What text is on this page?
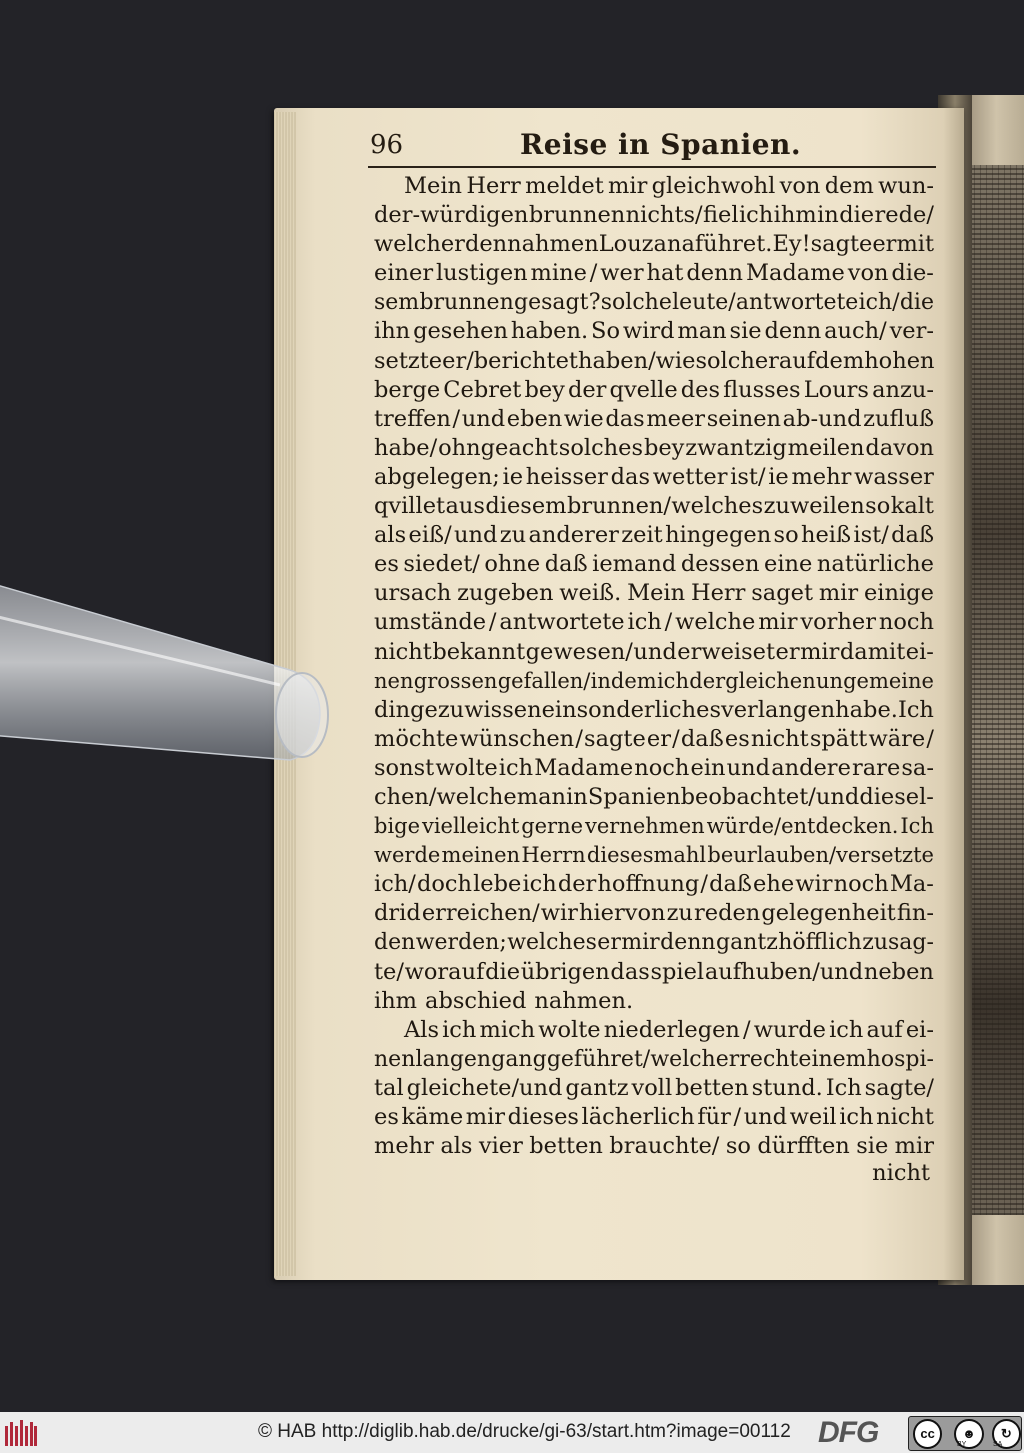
96	Reise in Spanien.
Mein Herr meldet mir gleichwohl von dem wun-
der-würdigen brunnen nichts/ fiel ich ihm in die rede/
welcher den nahmen Louzana führet. Ey! sagte er mit
einer lustigen mine / wer hat denn Madame von die-
sem brunnen gesagt ? solche leute/ antwortete ich/ die
ihn gesehen haben. So wird man sie denn auch/ ver-
setzte er/ berichtet haben/ wie solcher auf dem hohen
berge Cebret bey der qvelle des flusses Lours anzu-
treffen / und eben wie das meer seinen ab-und zufluß
habe/ ohngeacht solches bey zwantzig meilen davon
abgelegen; ie heisser das wetter ist/ ie mehr wasser
qvillet aus diesem brunnen/ welches zuweilen so kalt
als eiß/ und zu anderer zeit hingegen so heiß ist/ daß
es siedet/ ohne daß iemand dessen eine natürliche
ursach zugeben weiß. Mein Herr saget mir einige
umstände / antwortete ich / welche mir vorher noch
nicht bekannt gewesen/ und erweiset er mir damit ei-
nen grossen gefallen/ indem ich dergleichen ungemeine
dinge zu wissen ein sonderliches verlangen habe. Ich
möchte wünschen / sagte er / daß es nicht spätt wäre /
sonst wolte ich Madame noch ein und andere rare sa-
chen/ welche man in Spanien beobachtet/ und diesel-
bige vielleicht gerne vernehmen würde/entdecken. Ich
werde meinen Herrn diesesmahl beurlauben/versetzte
ich/ doch lebe ich der hoffnung / daß ehe wir noch Ma-
drid erreichen/ wir hiervon zu reden gelegenheit fin-
den werden; welches er mir denn gantz höfflich zusag-
te/ worauf die übrigen das spiel aufhuben/und neben
ihm abschied nahmen.
Als ich mich wolte niederlegen / wurde ich auf ei-
nen langen gang geführet/ welcher recht einem hospi-
tal gleichete/und gantz voll betten stund. Ich sagte/
es käme mir dieses lächerlich für / und weil ich nicht
mehr als vier betten brauchte/ so dürfften sie mir
nicht
© HAB http://diglib.hab.de/drucke/gi-63/start.htm?image=00112 DFG	cc	☻	↻
BY	SA
